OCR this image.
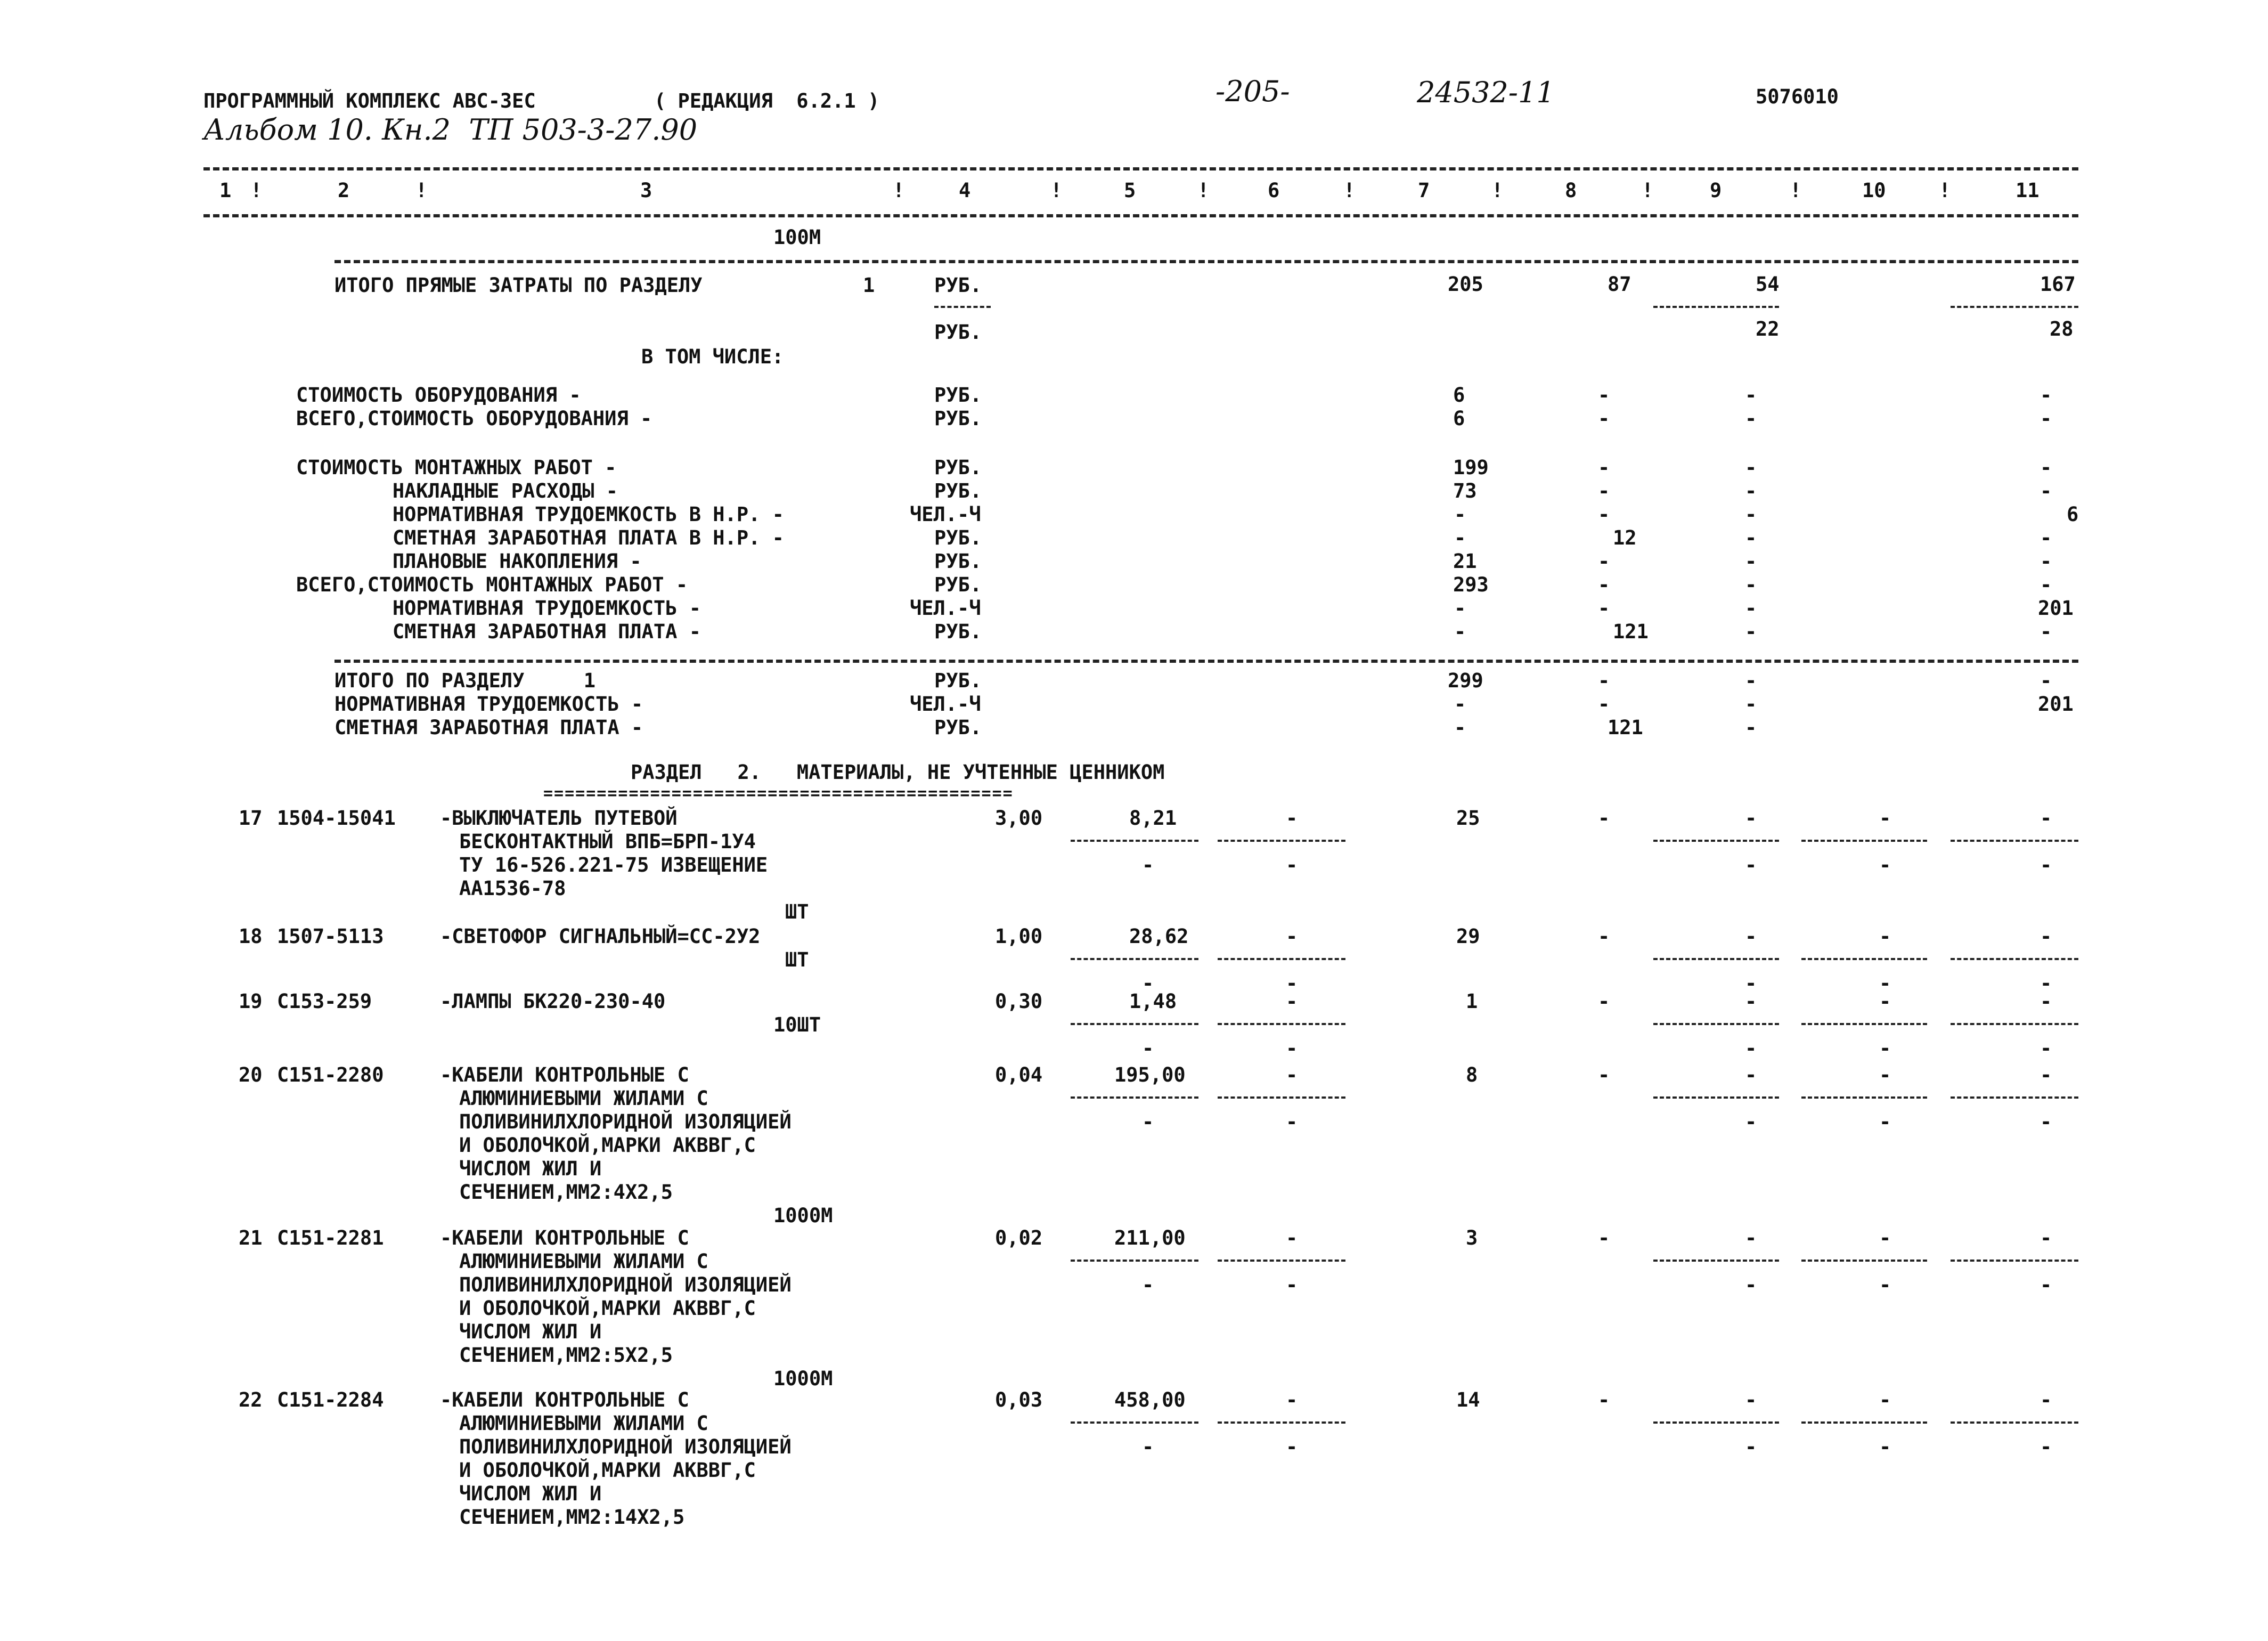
ПРОГРАММНЫЙ КОМПЛЕКС АВС-3ЕС	( РЕДАКЦИЯ  6.2.1 )	-205-	24532-11	5076010
Альбом 10. Кн.2  ТП 503-3-27.90
1	2	3	4	5	6	7	8	9	10	11
!	!	!	!	!	!	!	!	!	!
100М
ИТОГО ПРЯМЫЕ ЗАТРАТЫ ПО РАЗДЕЛУ	1	РУБ.	205	87	54	167
РУБ.	22	28
В ТОМ ЧИСЛЕ:
СТОИМОСТЬ ОБОРУДОВАНИЯ -	РУБ.	6	-	-	-
ВСЕГО,СТОИМОСТЬ ОБОРУДОВАНИЯ -	РУБ.	6	-	-	-
СТОИМОСТЬ МОНТАЖНЫХ РАБОТ -	РУБ.	199	-	-	-
НАКЛАДНЫЕ РАСХОДЫ -	РУБ.	73	-	-	-
НОРМАТИВНАЯ ТРУДОЕМКОСТЬ В Н.Р. -	ЧЕЛ.-Ч	-	-	-	6
СМЕТНАЯ ЗАРАБОТНАЯ ПЛАТА В Н.Р. -	РУБ.	-	12	-	-
ПЛАНОВЫЕ НАКОПЛЕНИЯ -	РУБ.	21	-	-	-
ВСЕГО,СТОИМОСТЬ МОНТАЖНЫХ РАБОТ -	РУБ.	293	-	-	-
НОРМАТИВНАЯ ТРУДОЕМКОСТЬ -	ЧЕЛ.-Ч	-	-	-	201
СМЕТНАЯ ЗАРАБОТНАЯ ПЛАТА -	РУБ.	-	121	-	-
ИТОГО ПО РАЗДЕЛУ     1	РУБ.	299	-	-	-
НОРМАТИВНАЯ ТРУДОЕМКОСТЬ -	ЧЕЛ.-Ч	-	-	-	201
СМЕТНАЯ ЗАРАБОТНАЯ ПЛАТА -	РУБ.	-	121	-
РАЗДЕЛ   2.   МАТЕРИАЛЫ, НЕ УЧТЕННЫЕ ЦЕННИКОМ
============================================
17 1504-15041 -ВЫКЛЮЧАТЕЛЬ ПУТЕВОЙ
БЕСКОНТАКТНЫЙ ВПБ=БРП-1У4
ТУ 16-526.221-75 ИЗВЕЩЕНИЕ
АА1536-78
ШТ
3,00	8,21	-	25	-	-	-	-
-	-	-	-	-
18 1507-5113	-СВЕТОФОР СИГНАЛЬНЫЙ=СС-2У2
ШТ
1,00	28,62	-	29	-	-	-	-
-	-	-	-	-
19 С153-259	-ЛАМПЫ БК220-230-40
10ШТ
0,30	1,48	-	1	-	-	-	-
-	-	-	-	-
20 С151-2280	-КАБЕЛИ КОНТРОЛЬНЫЕ С
АЛЮМИНИЕВЫМИ ЖИЛАМИ С
ПОЛИВИНИЛХЛОРИДНОЙ ИЗОЛЯЦИЕЙ
И ОБОЛОЧКОЙ,МАРКИ АКВВГ,С
ЧИСЛОМ ЖИЛ И
СЕЧЕНИЕМ,ММ2:4Х2,5
1000М
0,04	195,00	-	8	-	-	-	-
-	-	-	-	-
21 С151-2281	-КАБЕЛИ КОНТРОЛЬНЫЕ С
АЛЮМИНИЕВЫМИ ЖИЛАМИ С
ПОЛИВИНИЛХЛОРИДНОЙ ИЗОЛЯЦИЕЙ
И ОБОЛОЧКОЙ,МАРКИ АКВВГ,С
ЧИСЛОМ ЖИЛ И
СЕЧЕНИЕМ,ММ2:5Х2,5
1000М
0,02	211,00	-	3	-	-	-	-
-	-	-	-	-
22 С151-2284	-КАБЕЛИ КОНТРОЛЬНЫЕ С
АЛЮМИНИЕВЫМИ ЖИЛАМИ С
ПОЛИВИНИЛХЛОРИДНОЙ ИЗОЛЯЦИЕЙ
И ОБОЛОЧКОЙ,МАРКИ АКВВГ,С
ЧИСЛОМ ЖИЛ И
СЕЧЕНИЕМ,ММ2:14Х2,5
0,03	458,00	-	14	-	-	-	-
-	-	-	-	-
